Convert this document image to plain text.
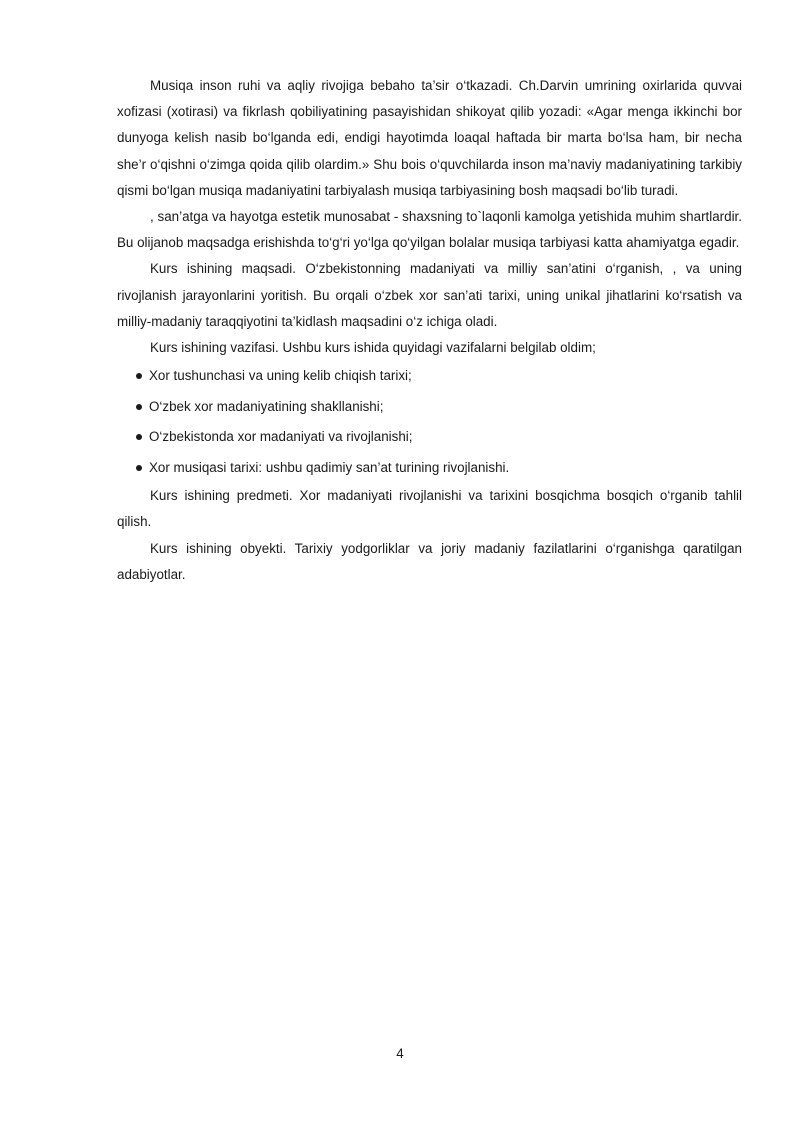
Musiqa inson ruhi va aqliy rivojiga bebaho ta’sir o‘tkazadi. Ch.Darvin umrining oxirlarida quvvai xofizasi (xotirasi) va fikrlash qobiliyatining pasayishidan shikoyat qilib yozadi: «Agar menga ikkinchi bor dunyoga kelish nasib bo‘lganda edi, endigi hayotimda loaqal haftada bir marta bo‘lsa ham, bir necha she’r o‘qishni o‘zimga qoida qilib olardim.» Shu bois o‘quvchilarda inson ma’naviy madaniyatining tarkibiy qismi bo‘lgan musiqa madaniyatini tarbiyalash musiqa tarbiyasining bosh maqsadi bo‘lib turadi.

, san’atga va hayotga estetik munosabat - shaxsning to`laqonli kamolga yetishida muhim shartlardir. Bu olijanob maqsadga erishishda to‘g‘ri yo‘lga qo‘yilgan bolalar musiqa tarbiyasi katta ahamiyatga egadir.

Kurs ishining maqsadi. O‘zbekistonning madaniyati va milliy san’atini o‘rganish, , va uning rivojlanish jarayonlarini yoritish. Bu orqali o‘zbek xor san’ati tarixi, uning unikal jihatlarini ko‘rsatish va milliy-madaniy taraqqiyotini ta’kidlash maqsadini o‘z ichiga oladi.

Kurs ishining vazifasi. Ushbu kurs ishida quyidagi vazifalarni belgilab oldim;

Xor tushunchasi va uning kelib chiqish tarixi;
O‘zbek xor madaniyatining shakllanishi;
O‘zbekistonda xor madaniyati va rivojlanishi;
Xor musiqasi tarixi: ushbu qadimiy san’at turining rivojlanishi.

Kurs ishining predmeti. Xor madaniyati rivojlanishi va tarixini bosqichma bosqich o‘rganib tahlil qilish.

Kurs ishining obyekti. Tarixiy yodgorliklar va joriy madaniy fazilatlarini o‘rganishga qaratilgan adabiyotlar.

4
